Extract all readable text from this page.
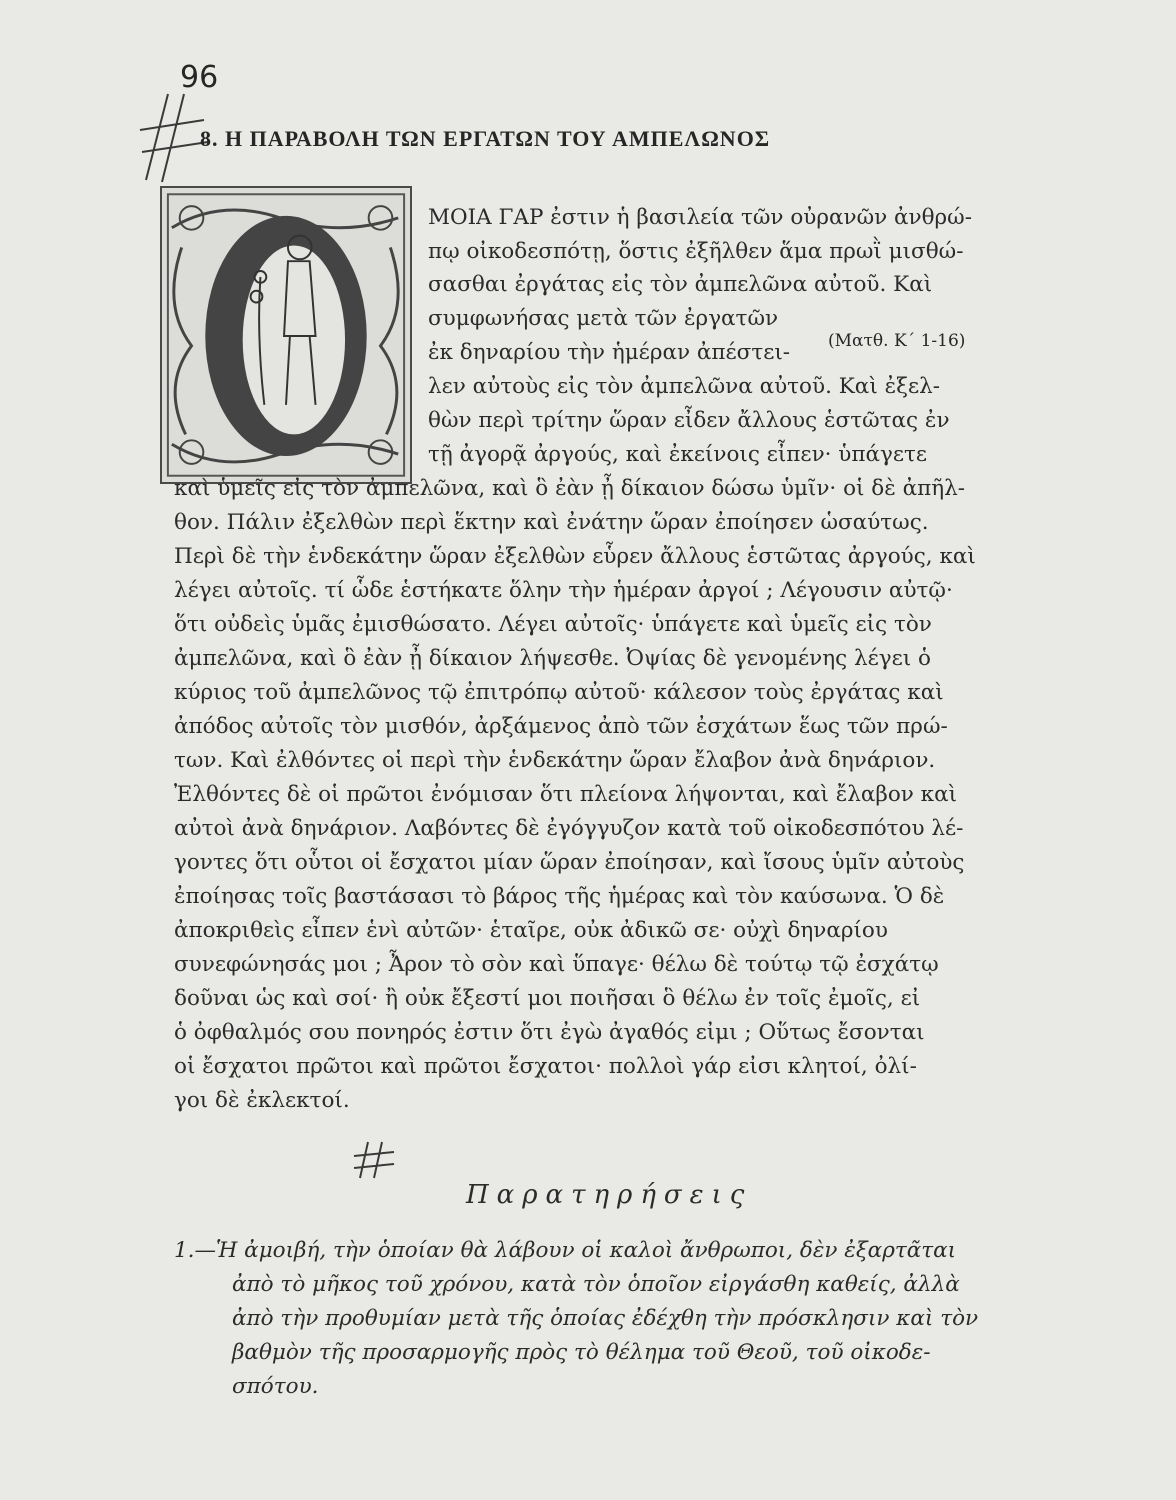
96
8. Η ΠΑΡΑΒΟΛΗ ΤΩΝ ΕΡΓΑΤΩΝ ΤΟΥ ΑΜΠΕΛΩΝΟΣ
ΜΟΙΑ ΓΑΡ ἐστιν ἡ βασιλεία τῶν οὐρανῶν ἀνθρώ-
πῳ οἰκοδεσπότῃ, ὅστις ἐξῆλθεν ἅμα πρωῒ μισθώ-
σασθαι ἐργάτας εἰς τὸν ἀμπελῶνα αὐτοῦ. Καὶ
συμφωνήσας μετὰ τῶν ἐργατῶν
ἐκ δηναρίου τὴν ἡμέραν ἀπέστει-
λεν αὐτοὺς εἰς τὸν ἀμπελῶνα αὐτοῦ. Καὶ ἐξελ-
θὼν περὶ τρίτην ὥραν εἶδεν ἄλλους ἑστῶτας ἐν
τῇ ἀγορᾷ ἀργούς, καὶ ἐκείνοις εἶπεν· ὑπάγετε
καὶ ὑμεῖς εἰς τὸν ἀμπελῶνα, καὶ ὃ ἐὰν ᾖ δίκαιον δώσω ὑμῖν· οἱ δὲ ἀπῆλ-
θον. Πάλιν ἐξελθὼν περὶ ἕκτην καὶ ἐνάτην ὥραν ἐποίησεν ὡσαύτως.
Περὶ δὲ τὴν ἑνδεκάτην ὥραν ἐξελθὼν εὗρεν ἄλλους ἑστῶτας ἀργούς, καὶ
λέγει αὐτοῖς. τί ὧδε ἑστήκατε ὅλην τὴν ἡμέραν ἀργοί ; Λέγουσιν αὐτῷ·
ὅτι οὐδεὶς ὑμᾶς ἐμισθώσατο. Λέγει αὐτοῖς· ὑπάγετε καὶ ὑμεῖς εἰς τὸν
ἀμπελῶνα, καὶ ὃ ἐὰν ᾖ δίκαιον λήψεσθε. Ὀψίας δὲ γενομένης λέγει ὁ
κύριος τοῦ ἀμπελῶνος τῷ ἐπιτρόπῳ αὐτοῦ· κάλεσον τοὺς ἐργάτας καὶ
ἀπόδος αὐτοῖς τὸν μισθόν, ἀρξάμενος ἀπὸ τῶν ἐσχάτων ἕως τῶν πρώ-
των. Καὶ ἐλθόντες οἱ περὶ τὴν ἑνδεκάτην ὥραν ἔλαβον ἀνὰ δηνάριον.
Ἐλθόντες δὲ οἱ πρῶτοι ἐνόμισαν ὅτι πλείονα λήψονται, καὶ ἔλαβον καὶ
αὐτοὶ ἀνὰ δηνάριον. Λαβόντες δὲ ἐγόγγυζον κατὰ τοῦ οἰκοδεσπότου λέ-
γοντες ὅτι οὗτοι οἱ ἔσχατοι μίαν ὥραν ἐποίησαν, καὶ ἴσους ὑμῖν αὐτοὺς
ἐποίησας τοῖς βαστάσασι τὸ βάρος τῆς ἡμέρας καὶ τὸν καύσωνα. Ὁ δὲ
ἀποκριθεὶς εἶπεν ἑνὶ αὐτῶν· ἑταῖρε, οὐκ ἀδικῶ σε· οὐχὶ δηναρίου
συνεφώνησάς μοι ; Ἆρον τὸ σὸν καὶ ὕπαγε· θέλω δὲ τούτῳ τῷ ἐσχάτῳ
δοῦναι ὡς καὶ σοί· ἢ οὐκ ἔξεστί μοι ποιῆσαι ὃ θέλω ἐν τοῖς ἐμοῖς, εἰ
ὁ ὀφθαλμός σου πονηρός ἐστιν ὅτι ἐγὼ ἀγαθός εἰμι ; Οὕτως ἔσονται
οἱ ἔσχατοι πρῶτοι καὶ πρῶτοι ἔσχατοι· πολλοὶ γάρ εἰσι κλητοί, ὀλί-
γοι δὲ ἐκλεκτοί.
(Ματθ. Κ΄ 1-16)
Παρατηρήσεις
1.—Ἡ ἀμοιβή, τὴν ὁποίαν θὰ λάβουν οἱ καλοὶ ἄνθρωποι, δὲν ἐξαρτᾶται
ἀπὸ τὸ μῆκος τοῦ χρόνου, κατὰ τὸν ὁποῖον εἰργάσθη καθείς, ἀλλὰ
ἀπὸ τὴν προθυμίαν μετὰ τῆς ὁποίας ἐδέχθη τὴν πρόσκλησιν καὶ τὸν
βαθμὸν τῆς προσαρμογῆς πρὸς τὸ θέλημα τοῦ Θεοῦ, τοῦ οἰκοδε-
σπότου.
